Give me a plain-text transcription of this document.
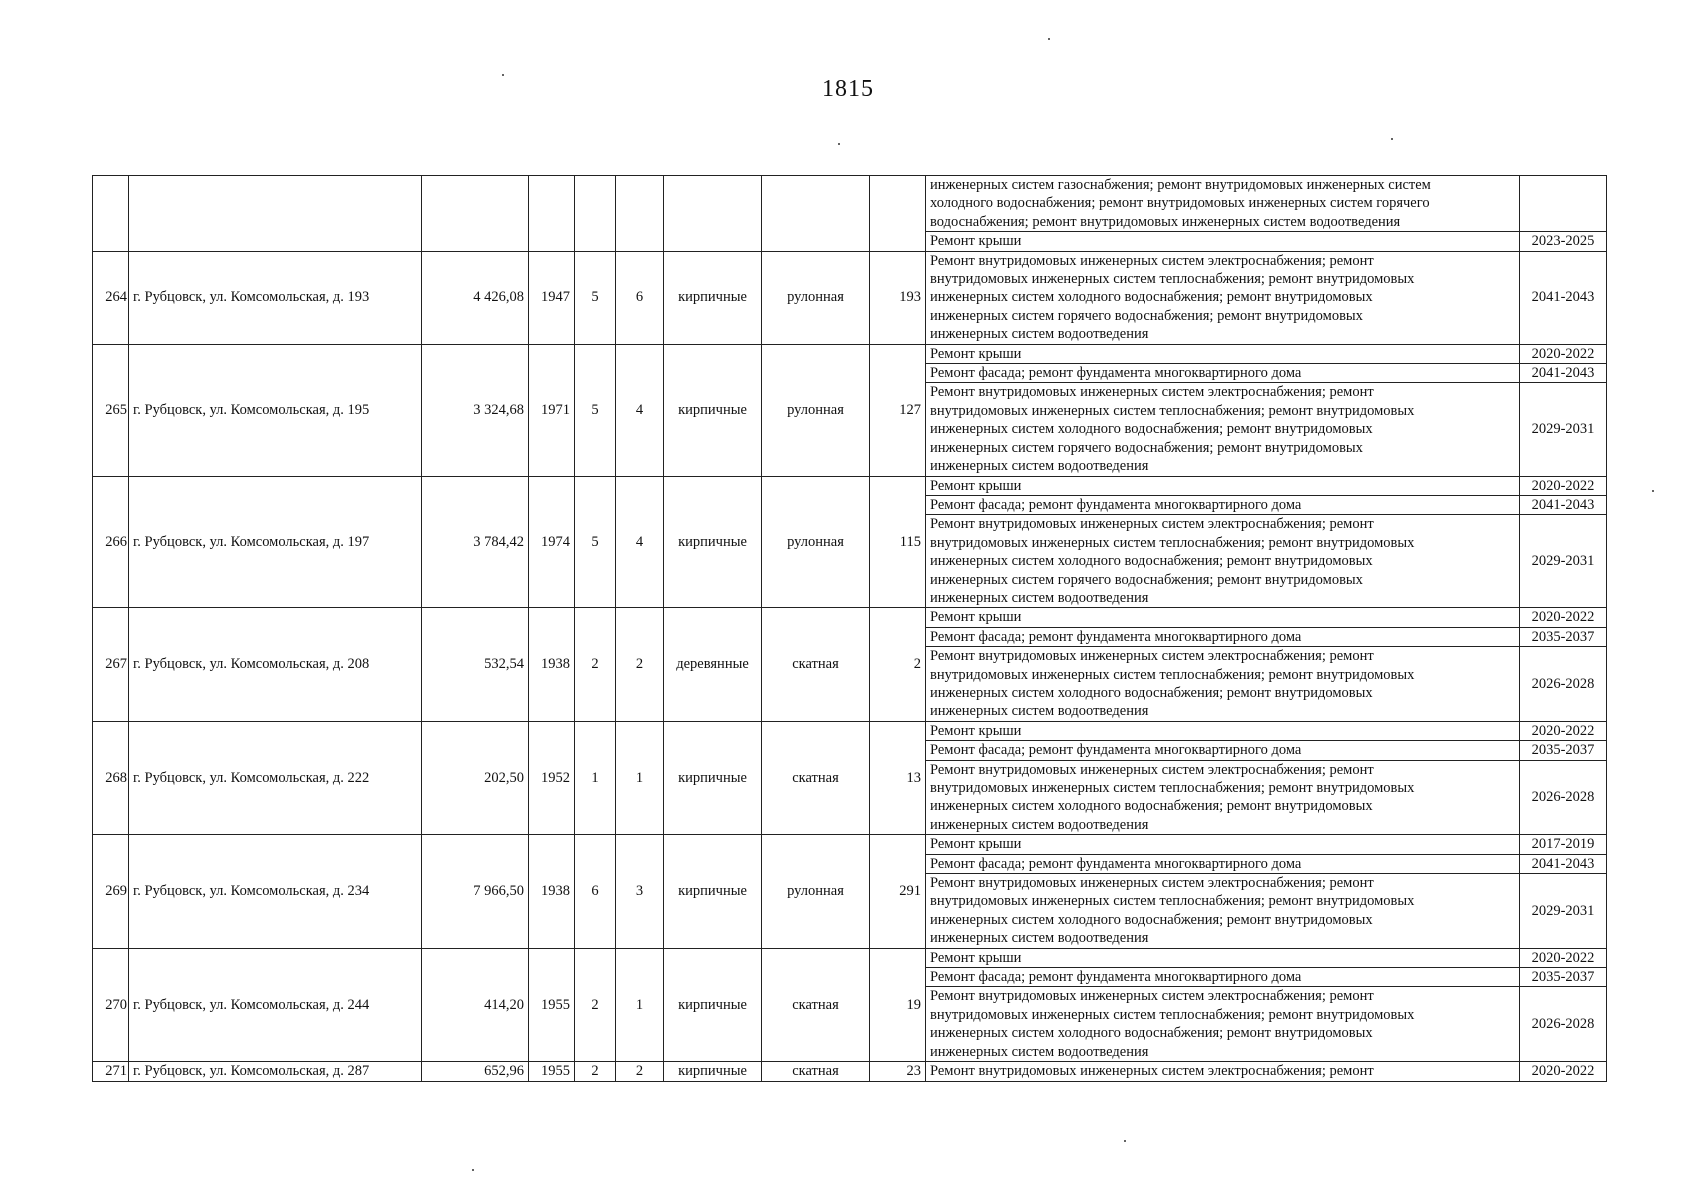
1815
									инженерных систем газоснабжения; ремонт внутридомовых инженерных систем
холодного водоснабжения; ремонт внутридомовых инженерных систем горячего
водоснабжения; ремонт внутридомовых инженерных систем водоотведения	
									Ремонт крыши	2023-2025
264	г. Рубцовск, ул. Комсомольская, д. 193	4 426,08	1947	5	6	кирпичные	рулонная	193	Ремонт внутридомовых инженерных систем электроснабжения; ремонт
внутридомовых инженерных систем теплоснабжения; ремонт внутридомовых
инженерных систем холодного водоснабжения; ремонт внутридомовых
инженерных систем горячего водоснабжения; ремонт внутридомовых
инженерных систем водоотведения	2041-2043
265	г. Рубцовск, ул. Комсомольская, д. 195	3 324,68	1971	5	4	кирпичные	рулонная	127	Ремонт крыши	2020-2022
									Ремонт фасада; ремонт фундамента многоквартирного дома	2041-2043
									Ремонт внутридомовых инженерных систем электроснабжения; ремонт
внутридомовых инженерных систем теплоснабжения; ремонт внутридомовых
инженерных систем холодного водоснабжения; ремонт внутридомовых
инженерных систем горячего водоснабжения; ремонт внутридомовых
инженерных систем водоотведения	2029-2031
266	г. Рубцовск, ул. Комсомольская, д. 197	3 784,42	1974	5	4	кирпичные	рулонная	115	Ремонт крыши	2020-2022
									Ремонт фасада; ремонт фундамента многоквартирного дома	2041-2043
									Ремонт внутридомовых инженерных систем электроснабжения; ремонт
внутридомовых инженерных систем теплоснабжения; ремонт внутридомовых
инженерных систем холодного водоснабжения; ремонт внутридомовых
инженерных систем горячего водоснабжения; ремонт внутридомовых
инженерных систем водоотведения	2029-2031
267	г. Рубцовск, ул. Комсомольская, д. 208	532,54	1938	2	2	деревянные	скатная	2	Ремонт крыши	2020-2022
									Ремонт фасада; ремонт фундамента многоквартирного дома	2035-2037
									Ремонт внутридомовых инженерных систем электроснабжения; ремонт
внутридомовых инженерных систем теплоснабжения; ремонт внутридомовых
инженерных систем холодного водоснабжения; ремонт внутридомовых
инженерных систем водоотведения	2026-2028
268	г. Рубцовск, ул. Комсомольская, д. 222	202,50	1952	1	1	кирпичные	скатная	13	Ремонт крыши	2020-2022
									Ремонт фасада; ремонт фундамента многоквартирного дома	2035-2037
									Ремонт внутридомовых инженерных систем электроснабжения; ремонт
внутридомовых инженерных систем теплоснабжения; ремонт внутридомовых
инженерных систем холодного водоснабжения; ремонт внутридомовых
инженерных систем водоотведения	2026-2028
269	г. Рубцовск, ул. Комсомольская, д. 234	7 966,50	1938	6	3	кирпичные	рулонная	291	Ремонт крыши	2017-2019
									Ремонт фасада; ремонт фундамента многоквартирного дома	2041-2043
									Ремонт внутридомовых инженерных систем электроснабжения; ремонт
внутридомовых инженерных систем теплоснабжения; ремонт внутридомовых
инженерных систем холодного водоснабжения; ремонт внутридомовых
инженерных систем водоотведения	2029-2031
270	г. Рубцовск, ул. Комсомольская, д. 244	414,20	1955	2	1	кирпичные	скатная	19	Ремонт крыши	2020-2022
									Ремонт фасада; ремонт фундамента многоквартирного дома	2035-2037
									Ремонт внутридомовых инженерных систем электроснабжения; ремонт
внутридомовых инженерных систем теплоснабжения; ремонт внутридомовых
инженерных систем холодного водоснабжения; ремонт внутридомовых
инженерных систем водоотведения	2026-2028
271	г. Рубцовск, ул. Комсомольская, д. 287	652,96	1955	2	2	кирпичные	скатная	23	Ремонт внутридомовых инженерных систем электроснабжения; ремонт	2020-2022
